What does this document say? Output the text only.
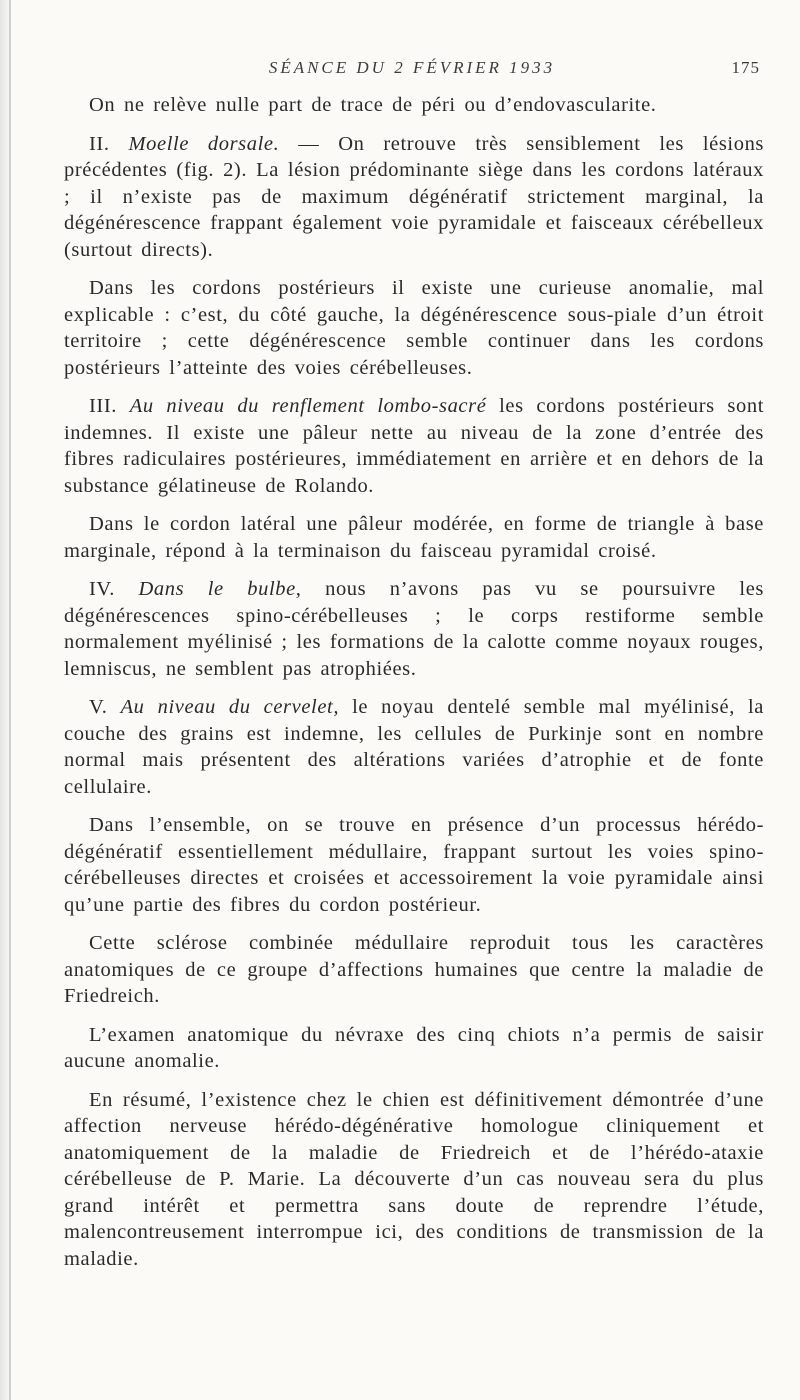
SÉANCE DU 2 FÉVRIER 1933	175

On ne relève nulle part de trace de péri ou d’endovascularite.

II. Moelle dorsale. — On retrouve très sensiblement les lésions précédentes (fig. 2). La lésion prédominante siège dans les cordons latéraux ; il n’existe pas de maximum dégénératif strictement marginal, la dégénérescence frappant également voie pyramidale et faisceaux cérébelleux (surtout directs).

Dans les cordons postérieurs il existe une curieuse anomalie, mal explicable : c’est, du côté gauche, la dégénérescence sous-piale d’un étroit territoire ; cette dégénérescence semble continuer dans les cordons postérieurs l’atteinte des voies cérébelleuses.

III. Au niveau du renflement lombo-sacré les cordons postérieurs sont indemnes. Il existe une pâleur nette au niveau de la zone d’entrée des fibres radiculaires postérieures, immédiatement en arrière et en dehors de la substance gélatineuse de Rolando.

Dans le cordon latéral une pâleur modérée, en forme de triangle à base marginale, répond à la terminaison du faisceau pyramidal croisé.

IV. Dans le bulbe, nous n’avons pas vu se poursuivre les dégénérescences spino-cérébelleuses ; le corps restiforme semble normalement myélinisé ; les formations de la calotte comme noyaux rouges, lemniscus, ne semblent pas atrophiées.

V. Au niveau du cervelet, le noyau dentelé semble mal myélinisé, la couche des grains est indemne, les cellules de Purkinje sont en nombre normal mais présentent des altérations variées d’atrophie et de fonte cellulaire.

Dans l’ensemble, on se trouve en présence d’un processus hérédo-dégénératif essentiellement médullaire, frappant surtout les voies spino-cérébelleuses directes et croisées et accessoirement la voie pyramidale ainsi qu’une partie des fibres du cordon postérieur.

Cette sclérose combinée médullaire reproduit tous les caractères anatomiques de ce groupe d’affections humaines que centre la maladie de Friedreich.

L’examen anatomique du névraxe des cinq chiots n’a permis de saisir aucune anomalie.

En résumé, l’existence chez le chien est définitivement démontrée d’une affection nerveuse hérédo-dégénérative homologue cliniquement et anatomiquement de la maladie de Friedreich et de l’hérédo-ataxie cérébelleuse de P. Marie. La découverte d’un cas nouveau sera du plus grand intérêt et permettra sans doute de reprendre l’étude, malencontreusement interrompue ici, des conditions de transmission de la maladie.
